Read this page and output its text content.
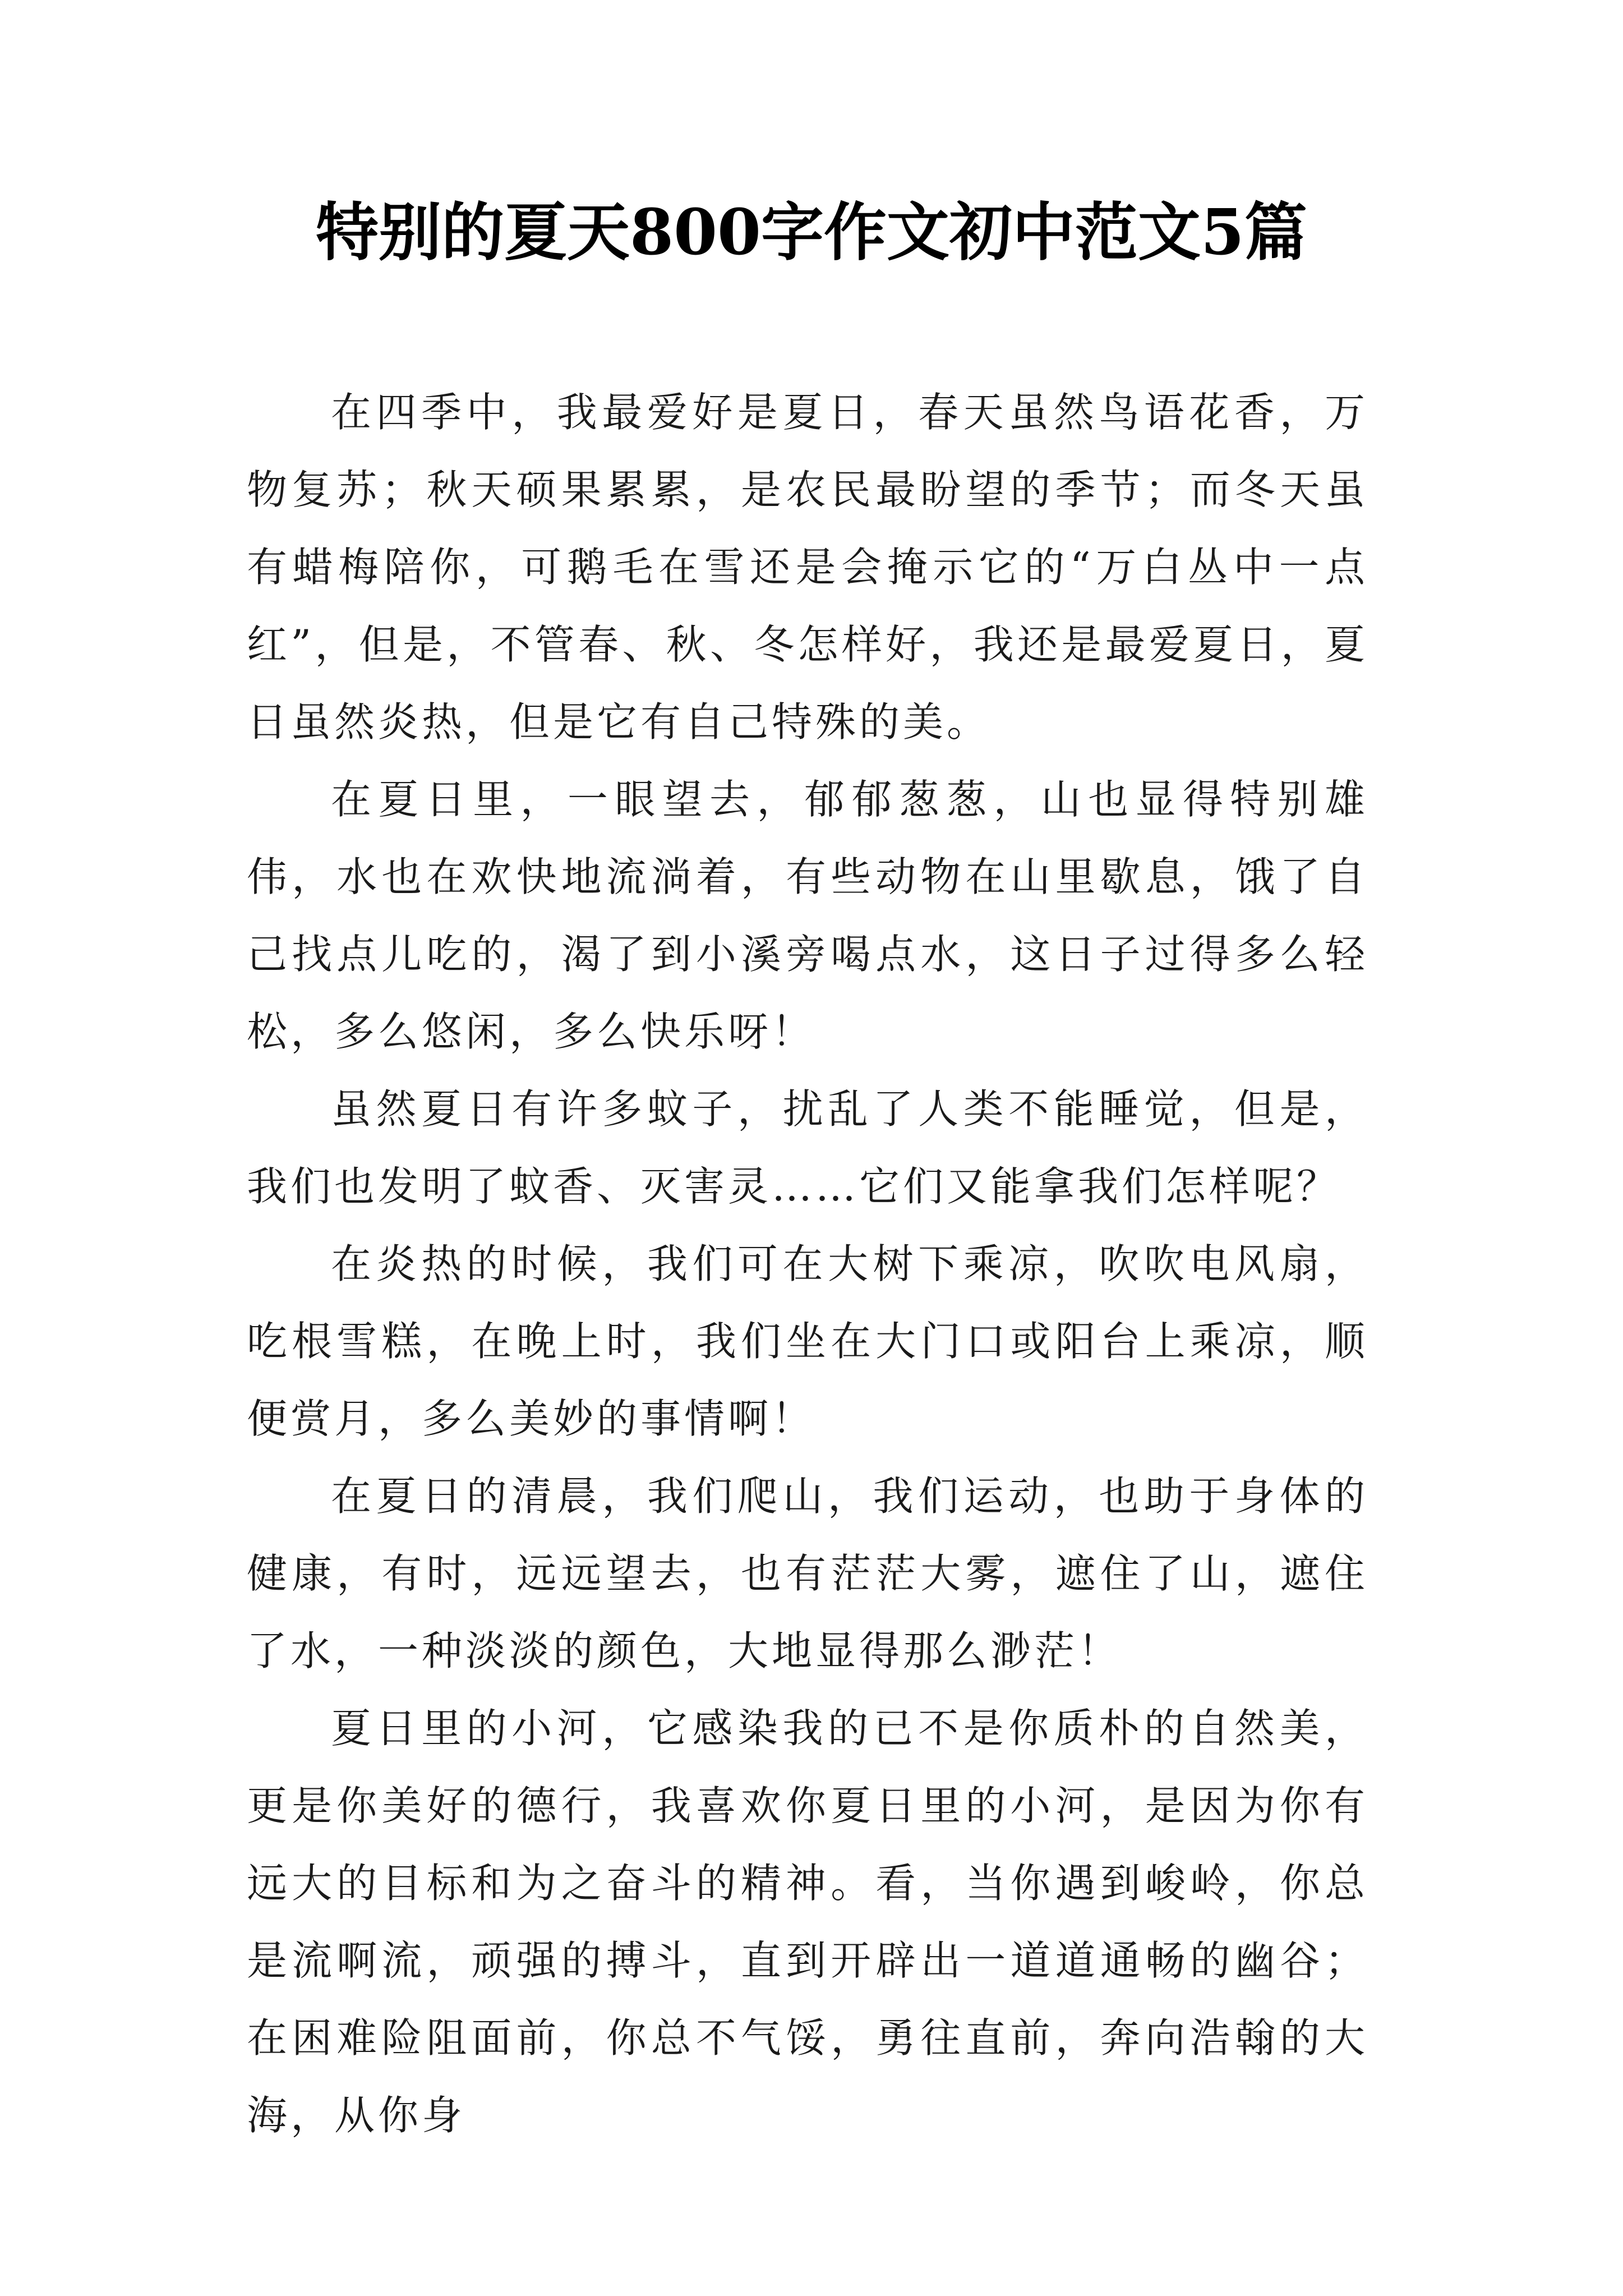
特别的夏天800字作文初中范文5篇

在四季中，我最爱好是夏日，春天虽然鸟语花香，万物复苏；秋天硕果累累，是农民最盼望的季节；而冬天虽有蜡梅陪你，可鹅毛在雪还是会掩示它的“万白丛中一点红”，但是，不管春、秋、冬怎样好，我还是最爱夏日，夏日虽然炎热，但是它有自己特殊的美。

在夏日里，一眼望去，郁郁葱葱，山也显得特别雄伟，水也在欢快地流淌着，有些动物在山里歇息，饿了自己找点儿吃的，渴了到小溪旁喝点水，这日子过得多么轻松，多么悠闲，多么快乐呀！

虽然夏日有许多蚊子，扰乱了人类不能睡觉，但是，我们也发明了蚊香、灭害灵……它们又能拿我们怎样呢？

在炎热的时候，我们可在大树下乘凉，吹吹电风扇，吃根雪糕，在晚上时，我们坐在大门口或阳台上乘凉，顺便赏月，多么美妙的事情啊！

在夏日的清晨，我们爬山，我们运动，也助于身体的健康，有时，远远望去，也有茫茫大雾，遮住了山，遮住了水，一种淡淡的颜色，大地显得那么渺茫！

夏日里的小河，它感染我的已不是你质朴的自然美，更是你美好的德行，我喜欢你夏日里的小河，是因为你有远大的目标和为之奋斗的精神。看，当你遇到峻岭，你总是流啊流，顽强的搏斗，直到开辟出一道道通畅的幽谷；在困难险阻面前，你总不气馁，勇往直前，奔向浩翰的大海，从你身
